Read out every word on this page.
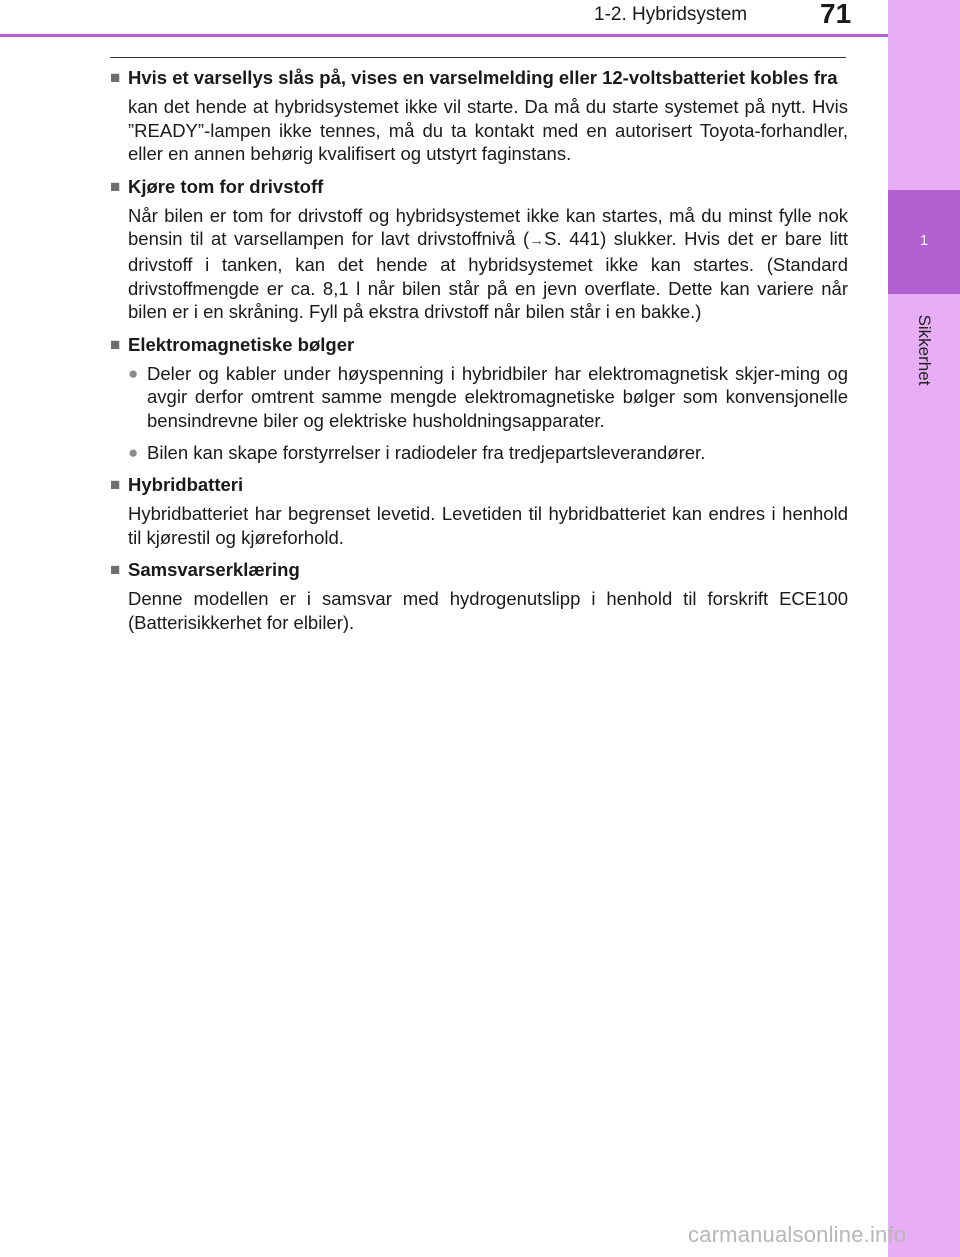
1
Sikkerhet
1-2. Hybridsystem	71
■ Hvis et varsellys slås på, vises en varselmelding eller 12-voltsbatteriet kobles fra
kan det hende at hybridsystemet ikke vil starte. Da må du starte systemet på nytt. Hvis ”READY”-lampen ikke tennes, må du ta kontakt med en autorisert Toyota-forhandler, eller en annen behørig kvalifisert og utstyrt faginstans.
■ Kjøre tom for drivstoff
Når bilen er tom for drivstoff og hybridsystemet ikke kan startes, må du minst fylle nok bensin til at varsellampen for lavt drivstoffnivå (→S. 441) slukker. Hvis det er bare litt drivstoff i tanken, kan det hende at hybridsystemet ikke kan startes. (Standard drivstoffmengde er ca. 8,1 l når bilen står på en jevn overflate. Dette kan variere når bilen er i en skråning. Fyll på ekstra drivstoff når bilen står i en bakke.)
■ Elektromagnetiske bølger
● Deler og kabler under høyspenning i hybridbiler har elektromagnetisk skjer-ming og avgir derfor omtrent samme mengde elektromagnetiske bølger som konvensjonelle bensindrevne biler og elektriske husholdningsapparater.
● Bilen kan skape forstyrrelser i radiodeler fra tredjepartsleverandører.
■ Hybridbatteri
Hybridbatteriet har begrenset levetid. Levetiden til hybridbatteriet kan endres i henhold til kjørestil og kjøreforhold.
■ Samsvarserklæring
Denne modellen er i samsvar med hydrogenutslipp i henhold til forskrift ECE100 (Batterisikkerhet for elbiler).
carmanualsonline.info
